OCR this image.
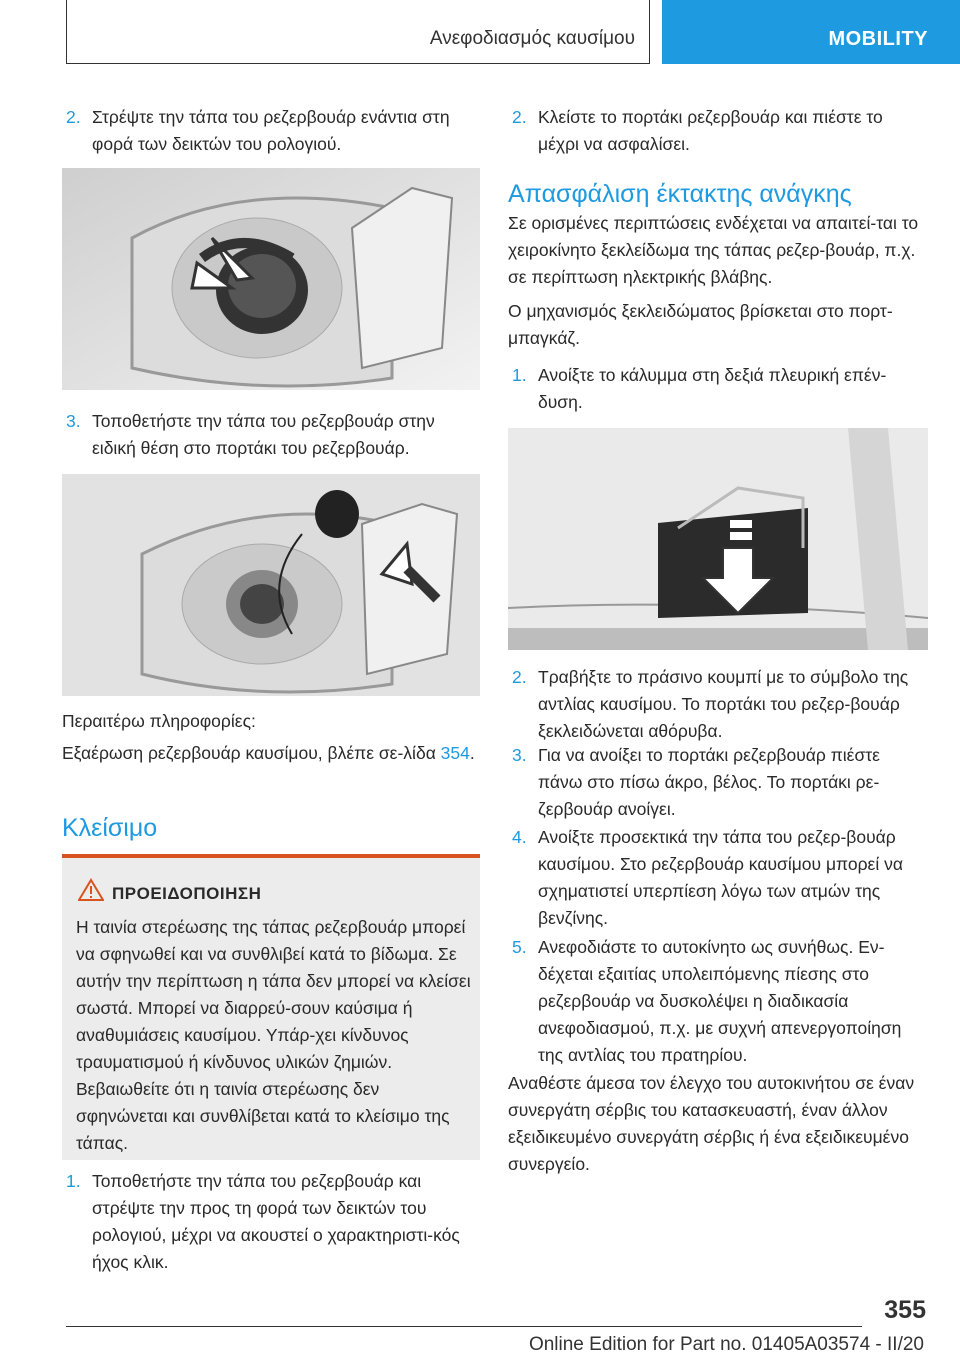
Ανεφοδιασμός καυσίμου	MOBILITY
2. Στρέψτε την τάπα του ρεζερβουάρ ενάντια στη φορά των δεικτών του ρολογιού.
3. Τοποθετήστε την τάπα του ρεζερβουάρ στην ειδική θέση στο πορτάκι του ρεζερβουάρ.

Περαιτέρω πληροφορίες:

Εξαέρωση ρεζερβουάρ καυσίμου, βλέπε σε-λίδα 354.

Κλείσιμο
ΠΡΟΕΙΔΟΠΟΙΗΣΗ
Η ταινία στερέωσης της τάπας ρεζερβουάρ μπορεί να σφηνωθεί και να συνθλιβεί κατά το βίδωμα. Σε αυτήν την περίπτωση η τάπα δεν μπορεί να κλείσει σωστά. Μπορεί να διαρρεύ-σουν καύσιμα ή αναθυμιάσεις καυσίμου. Υπάρ-χει κίνδυνος τραυματισμού ή κίνδυνος υλικών ζημιών. Βεβαιωθείτε ότι η ταινία στερέωσης δεν σφηνώνεται και συνθλίβεται κατά το κλείσιμο της τάπας.
1. Τοποθετήστε την τάπα του ρεζερβουάρ και στρέψτε την προς τη φορά των δεικτών του ρολογιού, μέχρι να ακουστεί ο χαρακτηριστι-κός ήχος κλικ.
2. Κλείστε το πορτάκι ρεζερβουάρ και πιέστε το μέχρι να ασφαλίσει.
Απασφάλιση έκτακτης ανάγκης

Σε ορισμένες περιπτώσεις ενδέχεται να απαιτεί-ται το χειροκίνητο ξεκλείδωμα της τάπας ρεζερ-βουάρ, π.χ. σε περίπτωση ηλεκτρικής βλάβης.

Ο μηχανισμός ξεκλειδώματος βρίσκεται στο πορτ-μπαγκάζ.

1. Ανοίξτε το κάλυμμα στη δεξιά πλευρική επέν-δυση.
2. Τραβήξτε το πράσινο κουμπί με το σύμβολο της αντλίας καυσίμου. Το πορτάκι του ρεζερ-βουάρ ξεκλειδώνεται αθόρυβα.
3. Για να ανοίξει το πορτάκι ρεζερβουάρ πιέστε πάνω στο πίσω άκρο, βέλος. Το πορτάκι ρε-ζερβουάρ ανοίγει.
4. Ανοίξτε προσεκτικά την τάπα του ρεζερ-βουάρ καυσίμου. Στο ρεζερβουάρ καυσίμου μπορεί να σχηματιστεί υπερπίεση λόγω των ατμών της βενζίνης.
5. Ανεφοδιάστε το αυτοκίνητο ως συνήθως. Εν-δέχεται εξαιτίας υπολειπόμενης πίεσης στο ρεζερβουάρ να δυσκολέψει η διαδικασία ανεφοδιασμού, π.χ. με συχνή απενεργοποίηση της αντλίας του πρατηρίου.

Αναθέστε άμεσα τον έλεγχο του αυτοκινήτου σε έναν συνεργάτη σέρβις του κατασκευαστή, έναν άλλον εξειδικευμένο συνεργάτη σέρβις ή ένα εξειδικευμένο συνεργείο.

355
Online Edition for Part no. 01405A03574 - II/20
